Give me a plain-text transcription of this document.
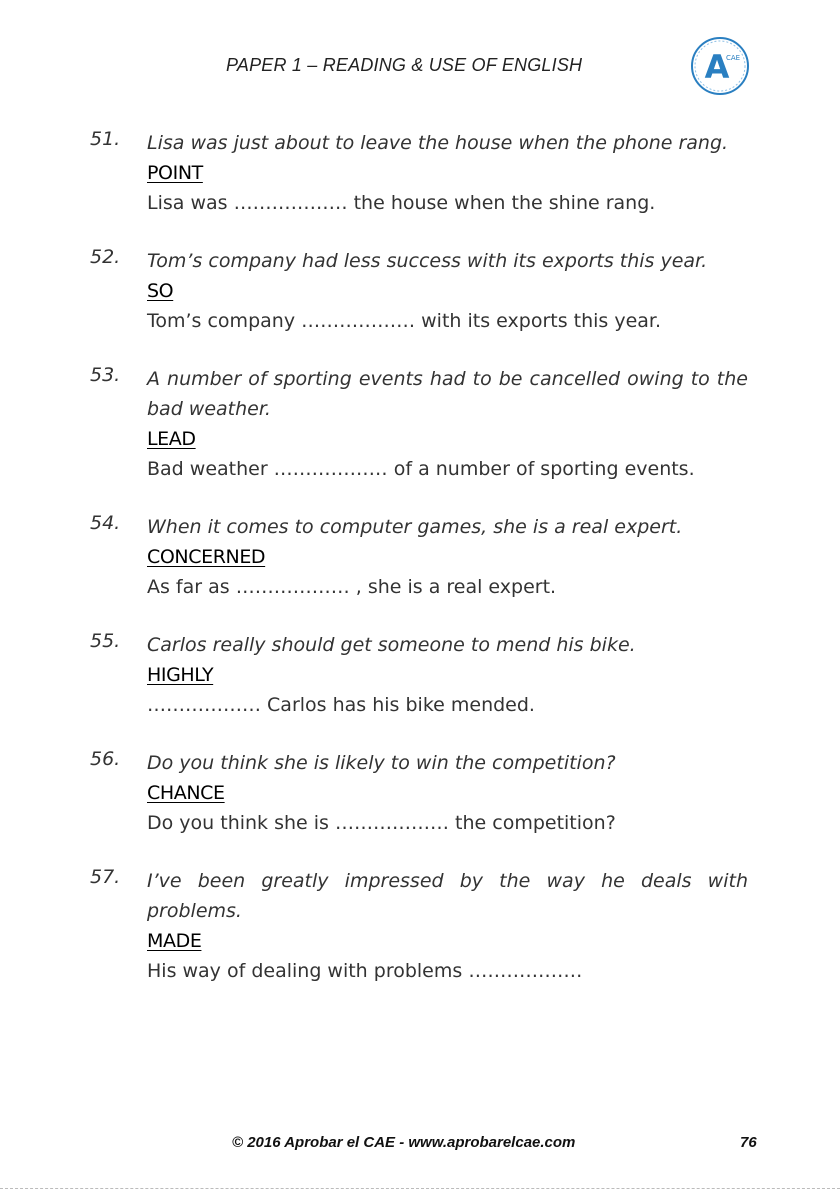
PAPER 1 – READING & USE OF ENGLISH	A
CAE
51.	Lisa was just about to leave the house when the phone rang.

POINT

Lisa was ……………… the house when the shine rang.

52.	Tom’s company had less success with its exports this year.

SO

Tom’s company ……………… with its exports this year.

53.	A number of sporting events had to be cancelled owing to the bad weather.

LEAD

Bad weather ……………… of a number of sporting events.

54.	When it comes to computer games, she is a real expert.

CONCERNED

As far as ……………… , she is a real expert.

55.	Carlos really should get someone to mend his bike.

HIGHLY

……………… Carlos has his bike mended.

56.	Do you think she is likely to win the competition?

CHANCE

Do you think she is ……………… the competition?

57.	I’ve been greatly impressed by the way he deals with
problems.

MADE

His way of dealing with problems ………………

© 2016 Aprobar el CAE - www.aprobarelcae.com	76
